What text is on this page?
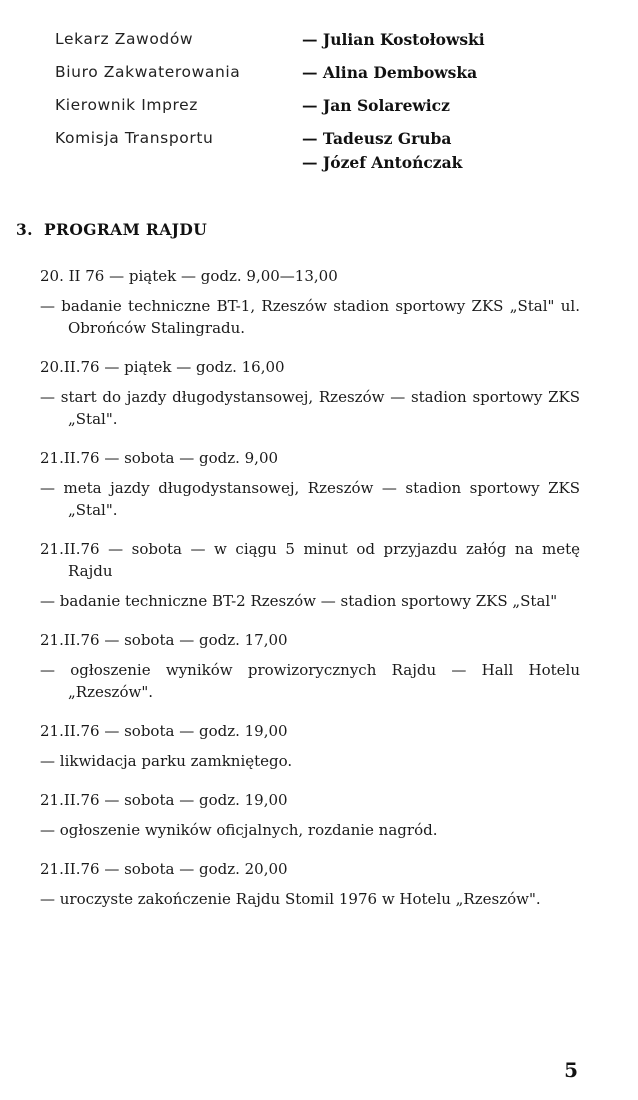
Lekarz Zawodów	— Julian Kostołowski
Biuro Zakwaterowania	— Alina Dembowska
Kierownik Imprez	— Jan Solarewicz
Komisja Transportu	— Tadeusz Gruba
— Józef Antończak
3. PROGRAM RAJDU
20. II 76 — piątek — godz. 9,00—13,00
— badanie techniczne BT-1, Rzeszów stadion sportowy ZKS „Stal" ul. Obrońców Stalingradu.
20.II.76 — piątek — godz. 16,00
— start do jazdy długodystansowej, Rzeszów — stadion sportowy ZKS „Stal".
21.II.76 — sobota — godz. 9,00
— meta jazdy długodystansowej, Rzeszów — stadion sportowy ZKS „Stal".
21.II.76 — sobota — w ciągu 5 minut od przyjazdu załóg na metę Rajdu
— badanie techniczne BT-2 Rzeszów — stadion sportowy ZKS „Stal"
21.II.76 — sobota — godz. 17,00
— ogłoszenie wyników prowizorycznych Rajdu — Hall Hotelu „Rzeszów".
21.II.76 — sobota — godz. 19,00
— likwidacja parku zamkniętego.
21.II.76 — sobota — godz. 19,00
— ogłoszenie wyników oficjalnych, rozdanie nagród.
21.II.76 — sobota — godz. 20,00
— uroczyste zakończenie Rajdu Stomil 1976 w Hotelu „Rzeszów".
5
